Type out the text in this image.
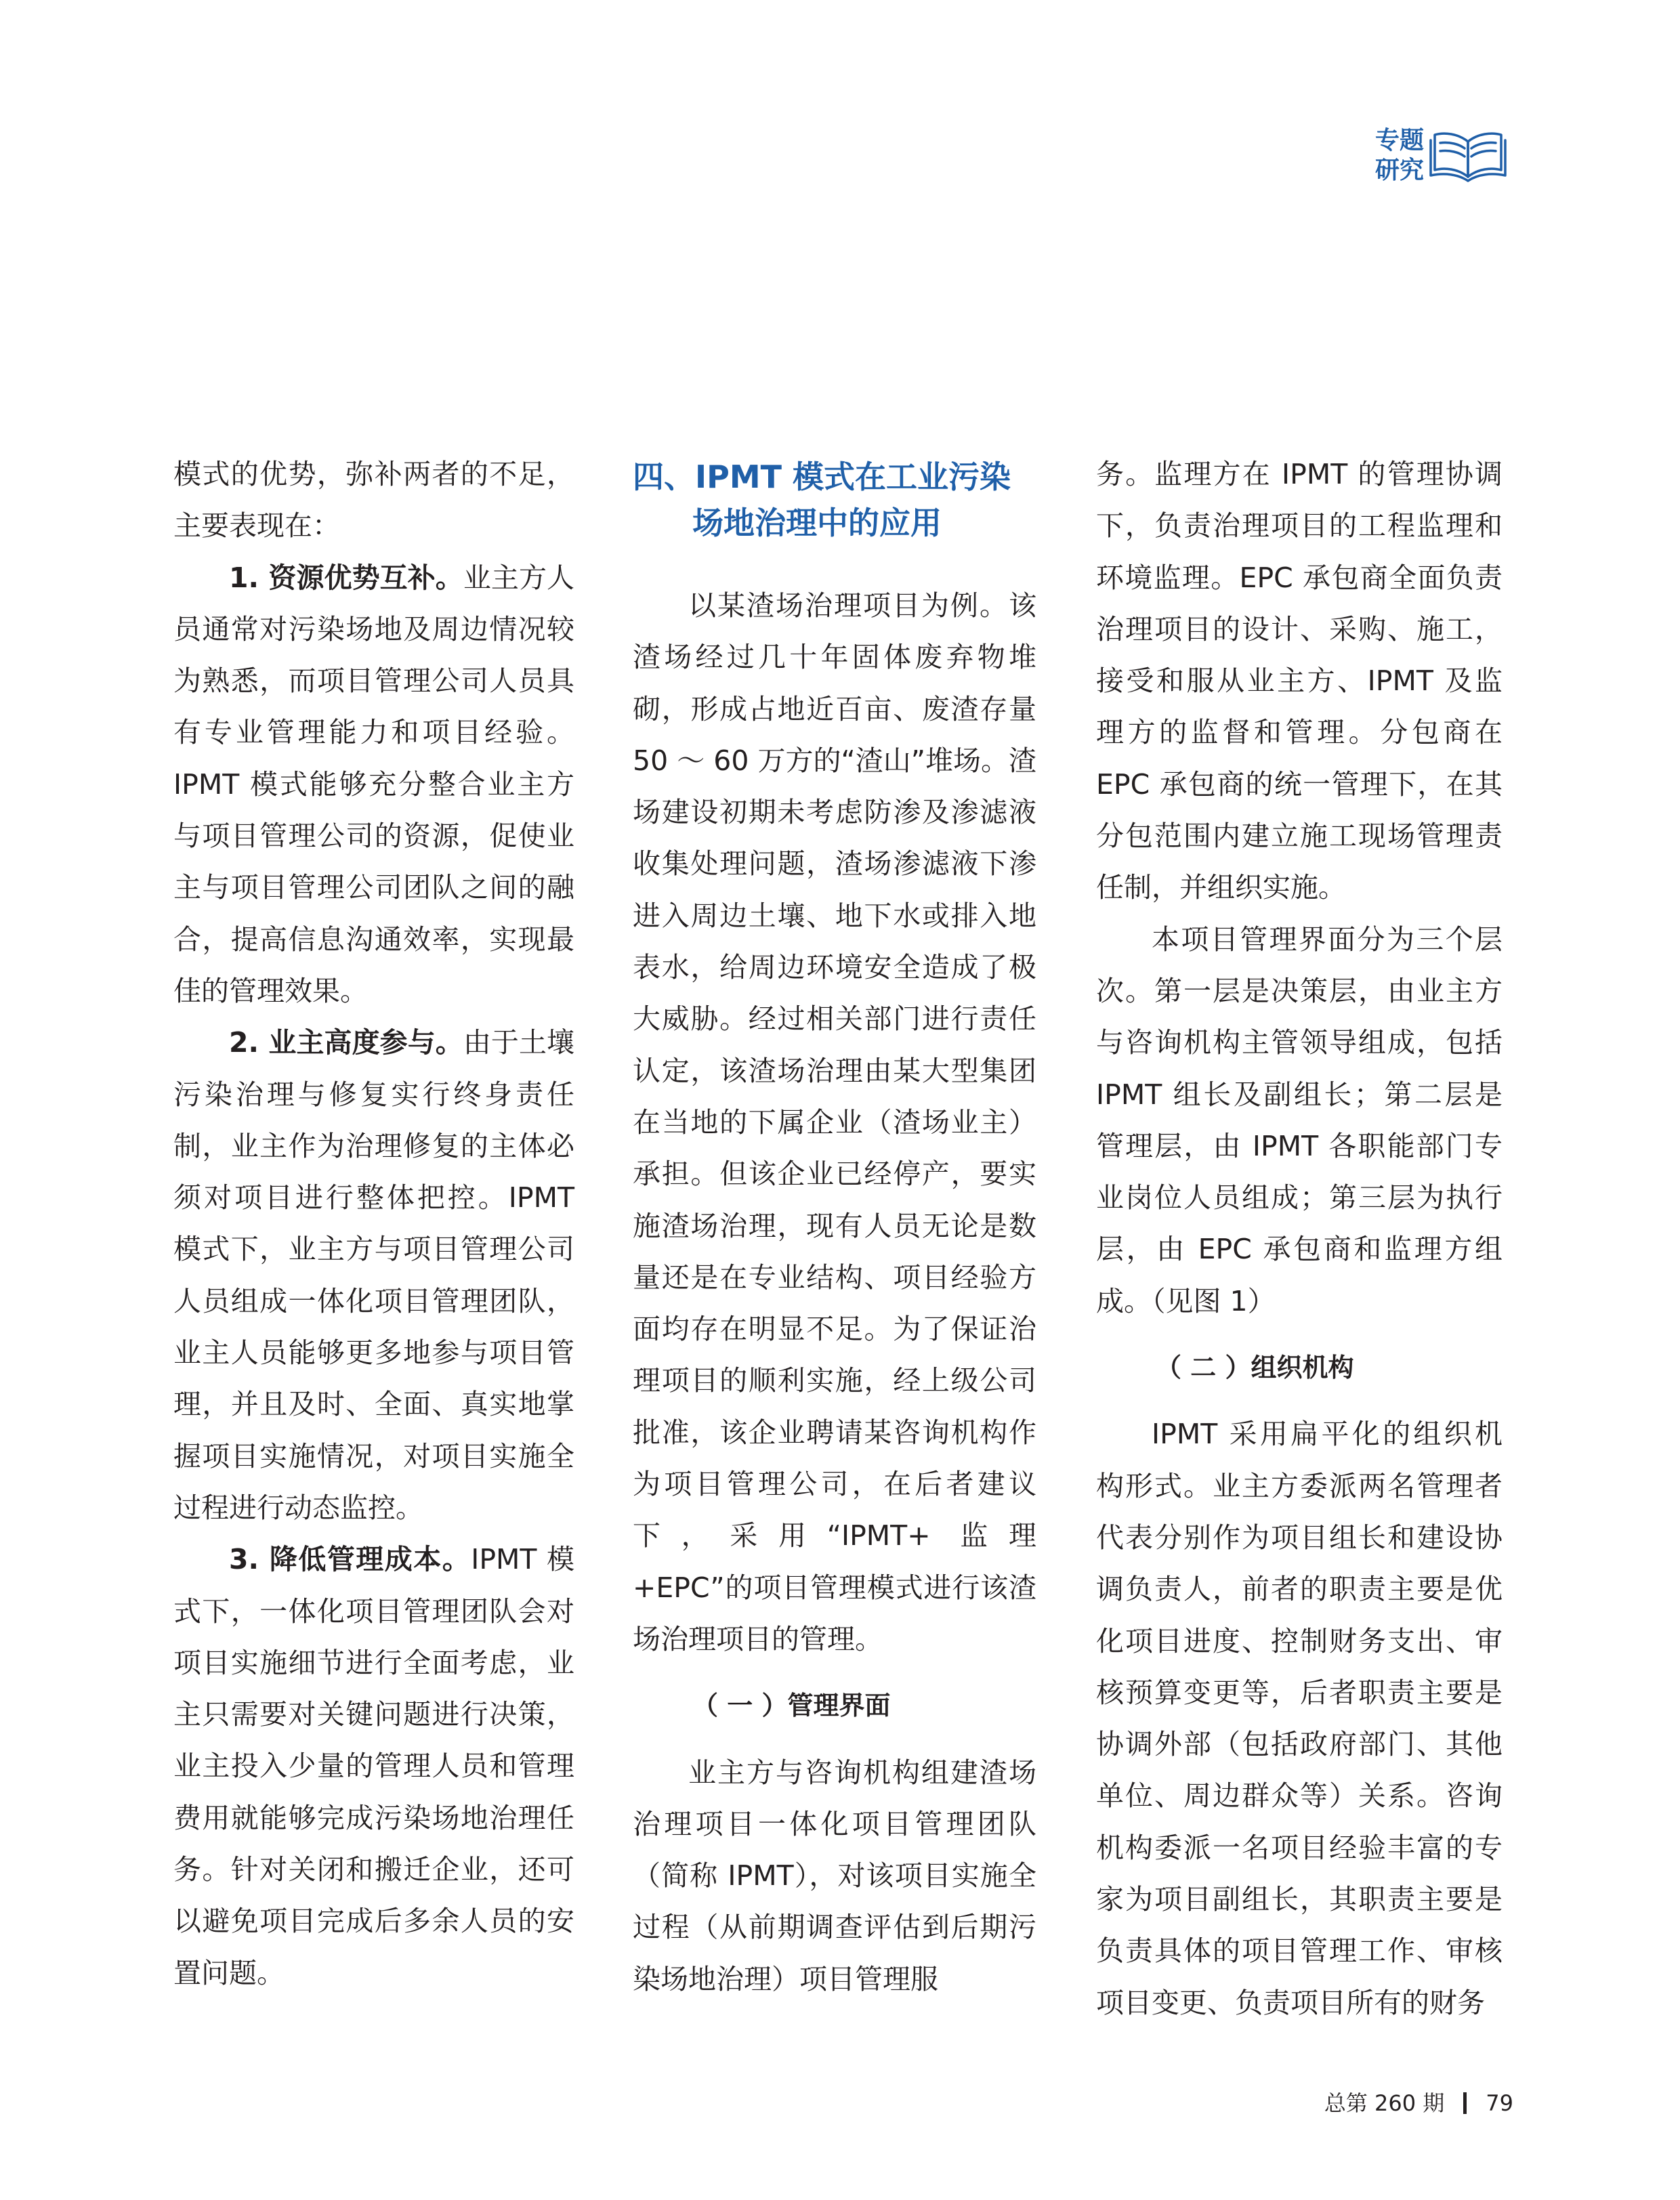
专题
研究

模式的优势，弥补两者的不足，主要表现在：

1. 资源优势互补。业主方人员通常对污染场地及周边情况较为熟悉，而项目管理公司人员具有专业管理能力和项目经验。IPMT 模式能够充分整合业主方与项目管理公司的资源，促使业主与项目管理公司团队之间的融合，提高信息沟通效率，实现最佳的管理效果。

2. 业主高度参与。由于土壤污染治理与修复实行终身责任制，业主作为治理修复的主体必须对项目进行整体把控。IPMT 模式下，业主方与项目管理公司人员组成一体化项目管理团队，业主人员能够更多地参与项目管理，并且及时、全面、真实地掌握项目实施情况，对项目实施全过程进行动态监控。

3. 降低管理成本。IPMT 模式下，一体化项目管理团队会对项目实施细节进行全面考虑，业主只需要对关键问题进行决策，业主投入少量的管理人员和管理费用就能够完成污染场地治理任务。针对关闭和搬迁企业，还可以避免项目完成后多余人员的安置问题。

四、IPMT 模式在工业污染
场地治理中的应用

以某渣场治理项目为例。该渣场经过几十年固体废弃物堆砌，形成占地近百亩、废渣存量 50 ～ 60 万方的“渣山”堆场。渣场建设初期未考虑防渗及渗滤液收集处理问题，渣场渗滤液下渗进入周边土壤、地下水或排入地表水，给周边环境安全造成了极大威胁。经过相关部门进行责任认定，该渣场治理由某大型集团在当地的下属企业（渣场业主）承担。但该企业已经停产，要实施渣场治理，现有人员无论是数量还是在专业结构、项目经验方面均存在明显不足。为了保证治理项目的顺利实施，经上级公司批准，该企业聘请某咨询机构作为项目管理公司，在后者建议下，采用“IPMT+ 监理 +EPC”的项目管理模式进行该渣场治理项目的管理。

（ 一 ）管理界面

业主方与咨询机构组建渣场治理项目一体化项目管理团队（简称 IPMT），对该项目实施全过程（从前期调查评估到后期污染场地治理）项目管理服

务。监理方在 IPMT 的管理协调下，负责治理项目的工程监理和环境监理。EPC 承包商全面负责治理项目的设计、采购、施工，接受和服从业主方、IPMT 及监理方的监督和管理。分包商在 EPC 承包商的统一管理下，在其分包范围内建立施工现场管理责任制，并组织实施。

本项目管理界面分为三个层次。第一层是决策层，由业主方与咨询机构主管领导组成，包括 IPMT 组长及副组长；第二层是管理层，由 IPMT 各职能部门专业岗位人员组成；第三层为执行层，由 EPC 承包商和监理方组成。（见图 1）

（ 二 ）组织机构

IPMT 采用扁平化的组织机构形式。业主方委派两名管理者代表分别作为项目组长和建设协调负责人，前者的职责主要是优化项目进度、控制财务支出、审核预算变更等，后者职责主要是协调外部（包括政府部门、其他单位、周边群众等）关系。咨询机构委派一名项目经验丰富的专家为项目副组长，其职责主要是负责具体的项目管理工作、审核项目变更、负责项目所有的财务

总第 260 期 79
